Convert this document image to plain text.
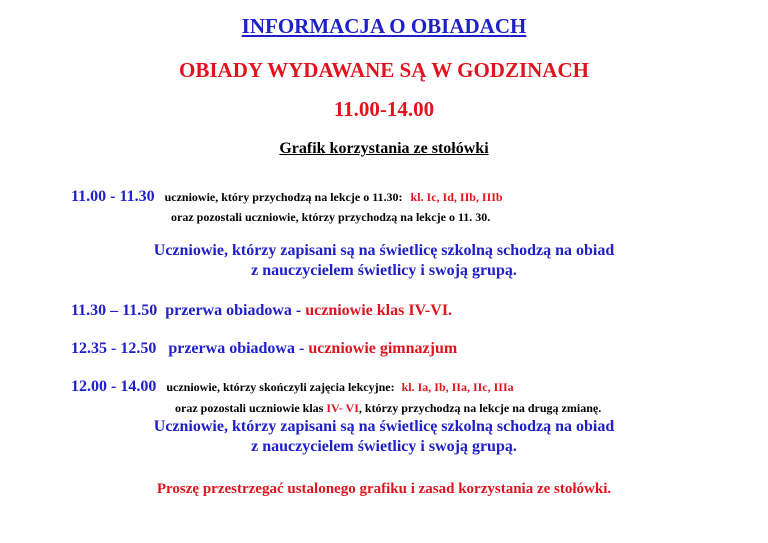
INFORMACJA O OBIADACH
OBIADY WYDAWANE SĄ W GODZINACH
11.00-14.00
Grafik korzystania ze stołówki
11.00 - 11.30 uczniowie, który przychodzą na lekcje o 11.30: kl. Ic, Id, IIb, IIIb
oraz pozostali uczniowie, którzy przychodzą na lekcje o 11. 30.
Uczniowie, którzy zapisani są na świetlicę szkolną schodzą na obiad
z nauczycielem świetlicy i swoją grupą.
11.30 – 11.50 przerwa obiadowa - uczniowie klas IV-VI.
12.35 - 12.50 przerwa obiadowa - uczniowie gimnazjum
12.00 - 14.00 uczniowie, którzy skończyli zajęcia lekcyjne: kl. Ia, Ib, IIa, IIc, IIIa
oraz pozostali uczniowie klas IV- VI, którzy przychodzą na lekcje na drugą zmianę.
Uczniowie, którzy zapisani są na świetlicę szkolną schodzą na obiad
z nauczycielem świetlicy i swoją grupą.
Proszę przestrzegać ustalonego grafiku i zasad korzystania ze stołówki.
